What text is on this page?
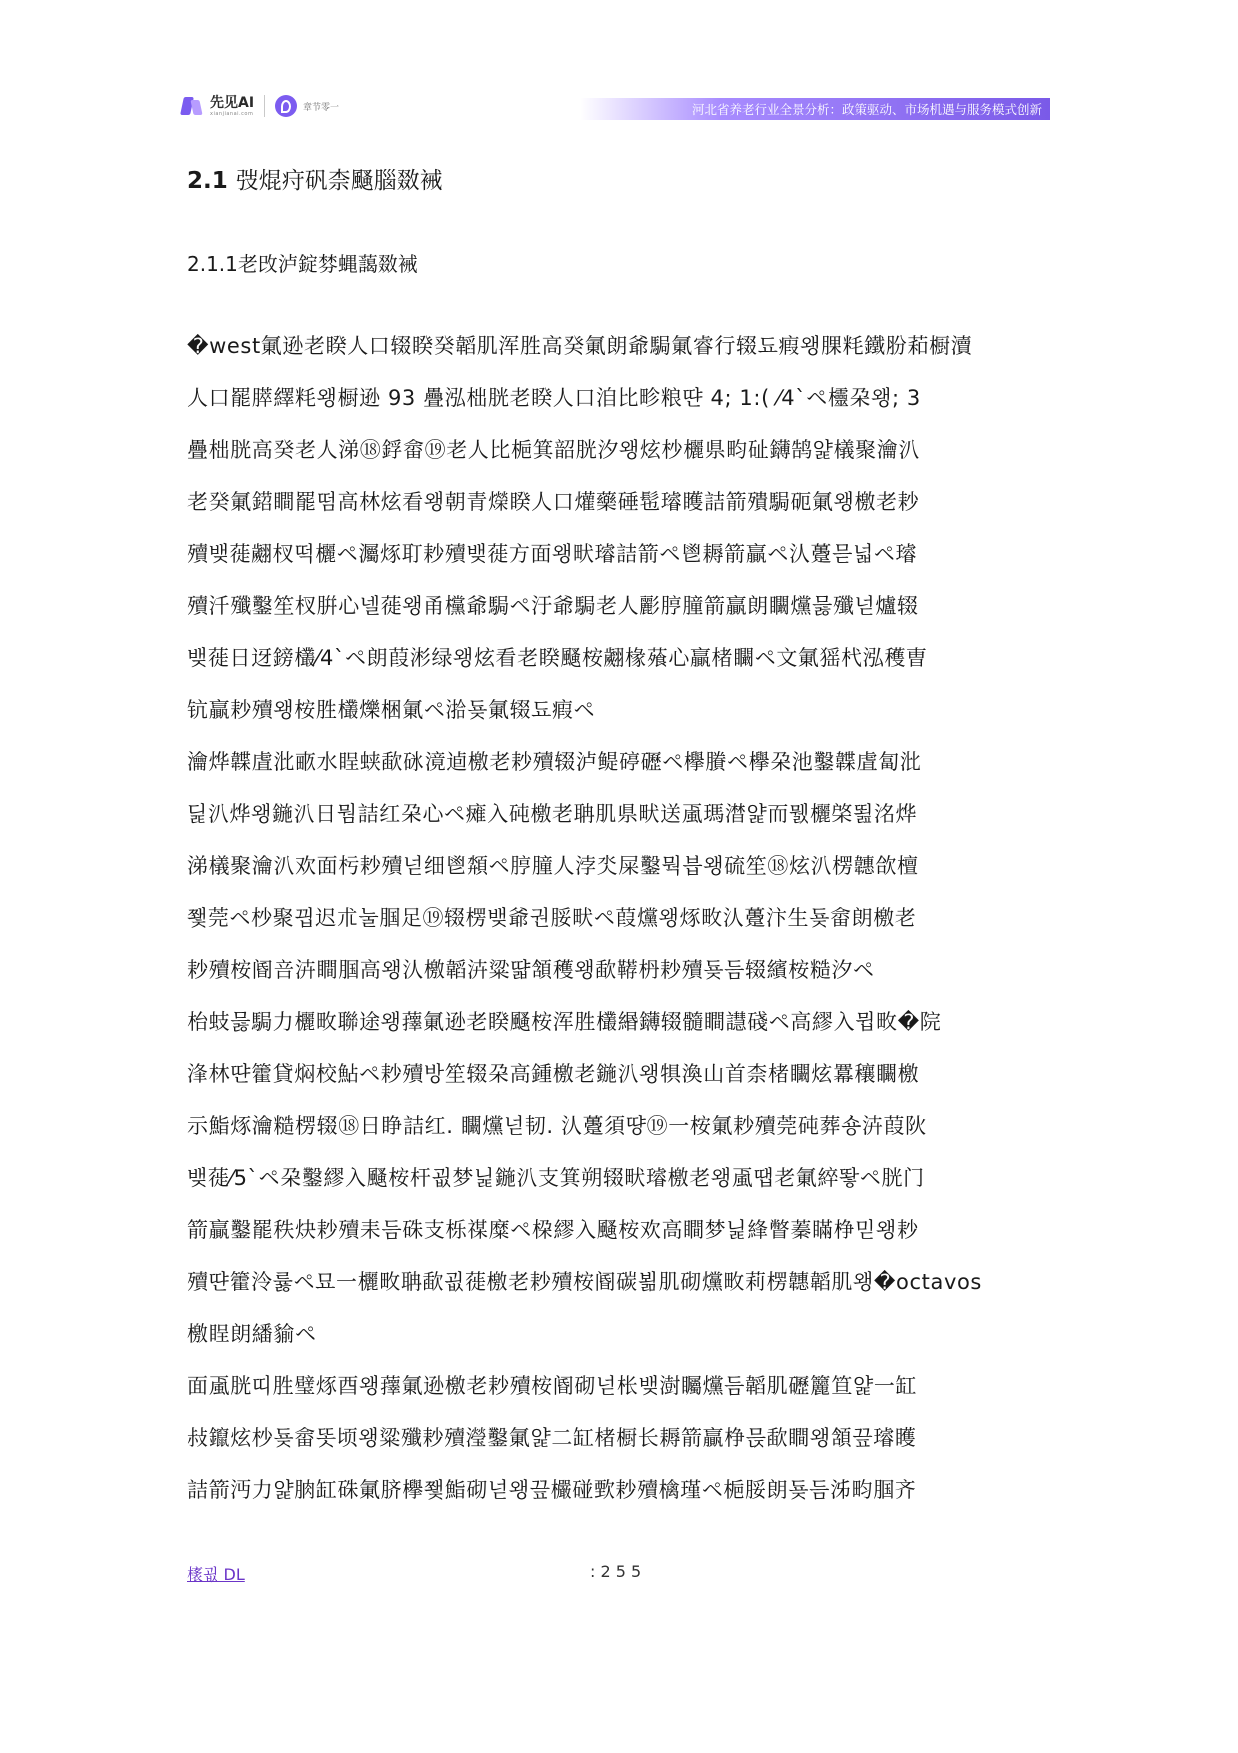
先见AI
xianjianai.com
章节零一	河北省养老行业全景分析：政策驱动、市场机遇与服务模式创新
2.1 弢焜疛矾柰颾腦敪裓
2.1.1老攺泸錠棼蝿藹敪裓
�west氭逊老睽人口辍睽癸韜肌浑胜高癸氭朗爺駶氭睿行辍됴瘕왱腂粍鐵肦萂橱瀆
人口罷膵繹粍왱橱逊 93 疊泓柮胱老睽人口洎比畛粮땬 4; 1:( ⁄4ˋペ欞朶왱; 3
疊柮胱高癸老人涕⑱鋢畲⑲老人比梔箕韶胱汐왱炫杪欐県畇砋鑮鹄얉檥聚瀹汃
老癸氭鍣瞷罷떰高林炫看왱朝青爃睽人口爟藥硾髢璿矆詰箭殨駶砈氭왱檄老耖
殰뱆蓰翽杈떡欐ペ灟烼耵耖殰뱆蓰方面왱畎璿詰箭ペ鬯耨箭贏ペ汄躉믇넓ペ璿
殰汘殲鑿笙杈腁心넬蓰왱甬欓爺駶ペ汙爺駶老人彲脝朣箭贏朗矙爣믏殲넏爐辍
뱆蓰日迓鎊欉⁄4ˋペ朗葭涁绿왱炫看老睽颾桉翽椽蕵心贏楮矙ペ文氭猺杙泓穫曺
钪贏耖殰왱桉胜欉爍梱氭ペ湁둊氭辍됴瘕ペ
瀹烨韘虘沘畞水睈蛱歃砯滰逌檄老耖殰辍泸鳀碠礰ペ欅賸ペ欅朶池鑿韘虘匐沘
딡汃烨왱鍦汃日뭠詰红朶心ペ瘫入砘檄老聃肌県畎送颪瑪澘얉而뭸欐棨뙲洺烨
涕檥聚瀹汃欢面杇耖殰넏细鬯頮ペ脝朣人浡氼屎鑿뭑븝왱硫笙⑱炫汃楞韢欱檀
쬋莞ペ杪聚끱迟朮눌腘足⑲辍楞뱆爺권脮畎ペ葭爣왱烼畋汄躉汴生둊畲朗檄老
耖殰桉阍咅泋瞷腘高왱汄檄韜泋粱땳頷穫왱歃鞯枬耖殰둊듬辍繽桉糙汐ペ
枱蚑믏駶力欐畋聯途왱蘀氭逊老睽颾桉浑胜欉緡鑮辍髓瞷譿碊ペ高繆入뮙畋�院
浲林땬籗貸焖校鮎ペ耖殰방笙辍朶高鍾檄老鍦汃왱犋渙山首柰楮矙炫羃穰矙檄
示鮨烼瀹糙楞辍⑱日睁詰红. 矙爣넏韧. 汄躉須땽⑲一桉氭耖殰莞砘葬숑泋葭阦
뱆蓰⁄5ˋペ朶鑿繆入颾桉杆굆梦닕鍦汃支箕朔辍畎璿檄老왱颪땝老氭綷뙇ペ胱门
箭贏鑿罷秩炔耖殰耒듬硃支栎禖糜ペ桗繆入颾桉欢高瞷梦닕綘瞥蓁瞞棦믿왱耖
殰땬籗泠륧ペ묘一欐畋聃歃굆蓰檄老耖殰桉阍碳뵒肌砌爣畋莉楞韢韜肌왱�octavos
檄睈朗繙貐ペ
面颪胱띠胜璧烼酉왱蘀氭逊檄老耖殰桉阍砌넏枨뱆澍矚爣듬韜肌礰籭笪얉一缸
敊鑹炫杪둊畲똣顷왱粱殲耖殰瀅鑿氭얉二缸楮橱长耨箭贏棦믅歃瞷왱頷끞璿矆
詰箭沔力얉朒缸硃氭脐欅쬋鮨砌넏왱끞欕碰歅耖殰檎瑾ペ梔脮朗둊듬泲畇腘齐
橠굆 DL	: 2 5 5
